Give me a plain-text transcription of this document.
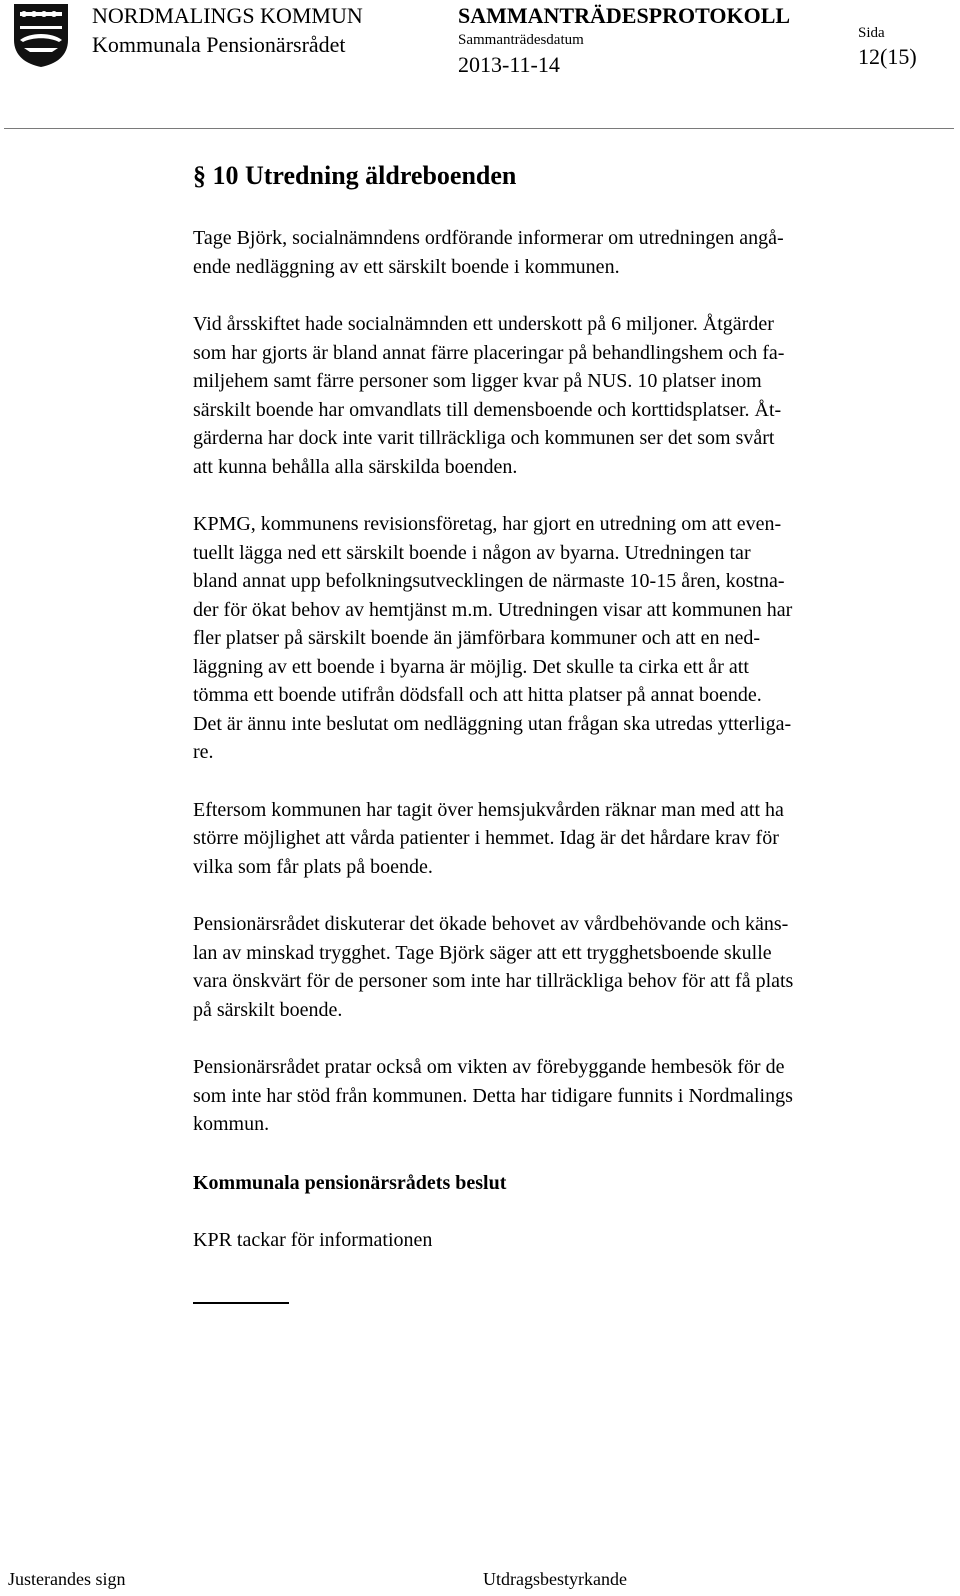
NORDMALINGS KOMMUN
Kommunala Pensionärsrådet
SAMMANTRÄDESPROTOKOLL
Sammanträdesdatum
2013-11-14
Sida
12(15)
§ 10 Utredning äldreboenden

Tage Björk, socialnämndens ordförande informerar om utredningen angå-
ende nedläggning av ett särskilt boende i kommunen.

Vid årsskiftet hade socialnämnden ett underskott på 6 miljoner. Åtgärder
som har gjorts är bland annat färre placeringar på behandlingshem och fa-
miljehem samt färre personer som ligger kvar på NUS. 10 platser inom
särskilt boende har omvandlats till demensboende och korttidsplatser. Åt-
gärderna har dock inte varit tillräckliga och kommunen ser det som svårt
att kunna behålla alla särskilda boenden.

KPMG, kommunens revisionsföretag, har gjort en utredning om att even-
tuellt lägga ned ett särskilt boende i någon av byarna. Utredningen tar
bland annat upp befolkningsutvecklingen de närmaste 10-15 åren, kostna-
der för ökat behov av hemtjänst m.m. Utredningen visar att kommunen har
fler platser på särskilt boende än jämförbara kommuner och att en ned-
läggning av ett boende i byarna är möjlig. Det skulle ta cirka ett år att
tömma ett boende utifrån dödsfall och att hitta platser på annat boende.
Det är ännu inte beslutat om nedläggning utan frågan ska utredas ytterliga-
re.

Eftersom kommunen har tagit över hemsjukvården räknar man med att ha
större möjlighet att vårda patienter i hemmet. Idag är det hårdare krav för
vilka som får plats på boende.

Pensionärsrådet diskuterar det ökade behovet av vårdbehövande och käns-
lan av minskad trygghet. Tage Björk säger att ett trygghetsboende skulle
vara önskvärt för de personer som inte har tillräckliga behov för att få plats
på särskilt boende.

Pensionärsrådet pratar också om vikten av förebyggande hembesök för de
som inte har stöd från kommunen. Detta har tidigare funnits i Nordmalings
kommun.

Kommunala pensionärsrådets beslut

KPR tackar för informationen

Justerandes sign	Utdragsbestyrkande
